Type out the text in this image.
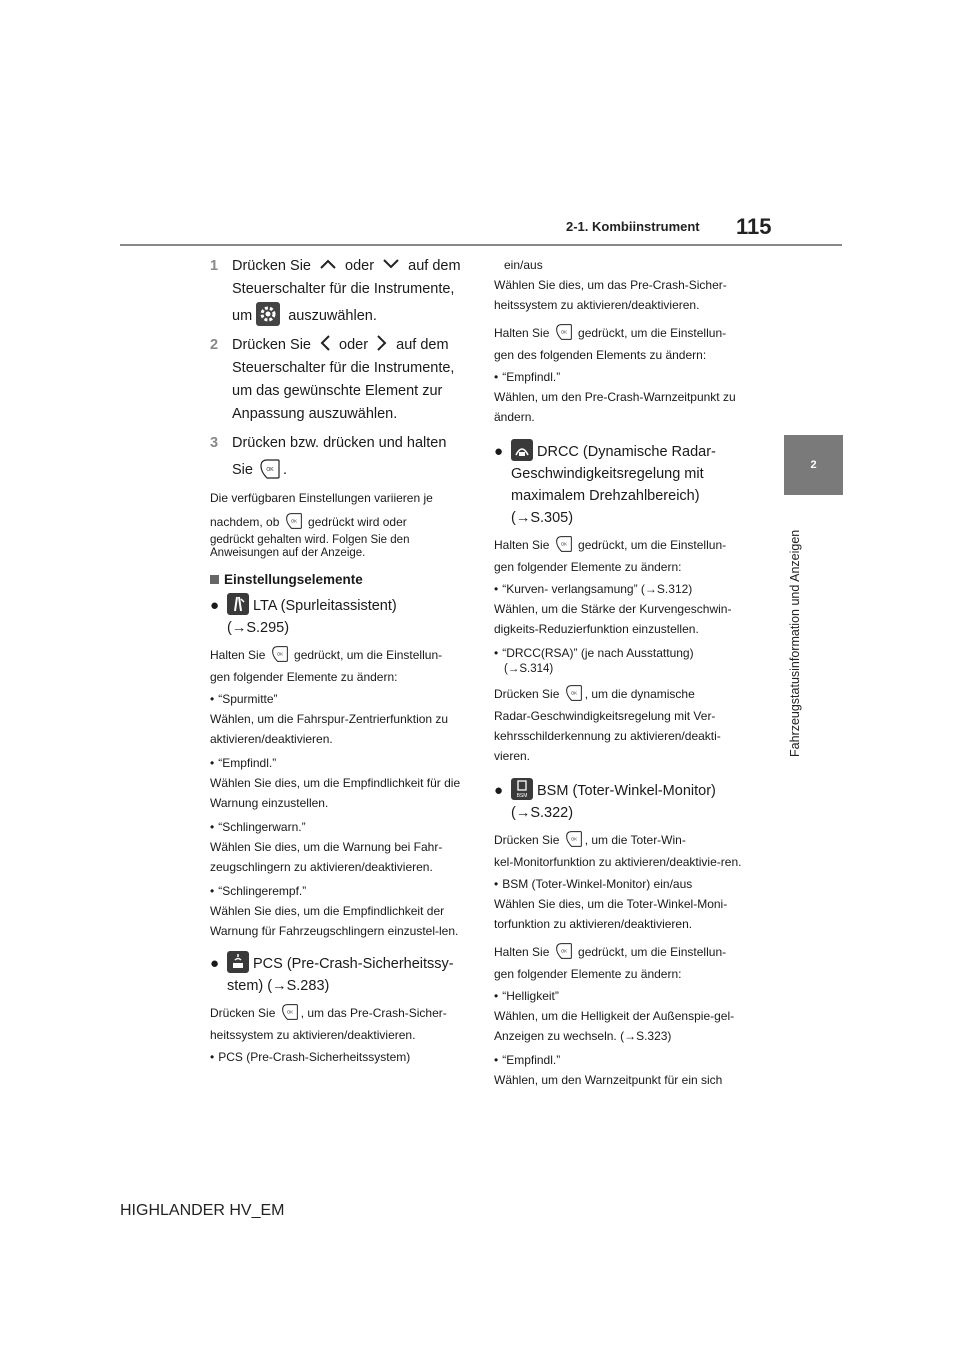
2-1. Kombiinstrument 115
2
Fahrzeugstatusinformation und Anzeigen
1 Drücken Sie  oder  auf dem Steuerschalter für die Instrumente,
um  auszuwählen.
2 Drücken Sie  oder  auf dem Steuerschalter für die Instrumente, um das gewünschte Element zur Anpassung auszuwählen.
3 Drücken bzw. drücken und halten
Sie OK .
Die verfügbaren Einstellungen variieren je
nachdem, ob OK gedrückt wird oder
gedrückt gehalten wird. Folgen Sie den Anweisungen auf der Anzeige.
Einstellungselemente
●	LTA (Spurleitassistent)
(→S.295)
Halten Sie OK gedrückt, um die Einstellun-
gen folgender Elemente zu ändern:
• “Spurmitte”
Wählen, um die Fahrspur-Zentrierfunktion zu aktivieren/deaktivieren.
• “Empfindl.”
Wählen Sie dies, um die Empfindlichkeit für die Warnung einzustellen.
• “Schlingerwarn.”
Wählen Sie dies, um die Warnung bei Fahr-zeugschlingern zu aktivieren/deaktivieren.
• “Schlingerempf.”
Wählen Sie dies, um die Empfindlichkeit der Warnung für Fahrzeugschlingern einzustel-len.
●	PCS (Pre-Crash-Sicherheitssy-stem) (→S.283)
Drücken Sie OK , um das Pre-Crash-Sicher-
heitssystem zu aktivieren/deaktivieren.
• PCS (Pre-Crash-Sicherheitssystem)
ein/aus
Wählen Sie dies, um das Pre-Crash-Sicher-heitssystem zu aktivieren/deaktivieren.
Halten Sie OK gedrückt, um die Einstellun-
gen des folgenden Elements zu ändern:
• “Empfindl.”
Wählen, um den Pre-Crash-Warnzeitpunkt zu ändern.
●	DRCC (Dynamische Radar-Geschwindigkeitsregelung mit maximalem Drehzahlbereich)
(→S.305)
Halten Sie OK gedrückt, um die Einstellun-
gen folgender Elemente zu ändern:
• “Kurven- verlangsamung” (→S.312)
Wählen, um die Stärke der Kurvengeschwin-digkeits-Reduzierfunktion einzustellen.
• “DRCC(RSA)” (je nach Ausstattung)
(→S.314)
Drücken Sie OK , um die dynamische
Radar-Geschwindigkeitsregelung mit Ver-kehrsschilderkennung zu aktivieren/deakti-vieren.
●	BSM BSM (Toter-Winkel-Monitor)
(→S.322)
Drücken Sie OK , um die Toter-Win-
kel-Monitorfunktion zu aktivieren/deaktivie-ren.
• BSM (Toter-Winkel-Monitor) ein/aus
Wählen Sie dies, um die Toter-Winkel-Moni-torfunktion zu aktivieren/deaktivieren.
Halten Sie OK gedrückt, um die Einstellun-
gen folgender Elemente zu ändern:
• “Helligkeit”
Wählen, um die Helligkeit der Außenspie-gel-Anzeigen zu wechseln. (→S.323)
• “Empfindl.”
Wählen, um den Warnzeitpunkt für ein sich
HIGHLANDER HV_EM
